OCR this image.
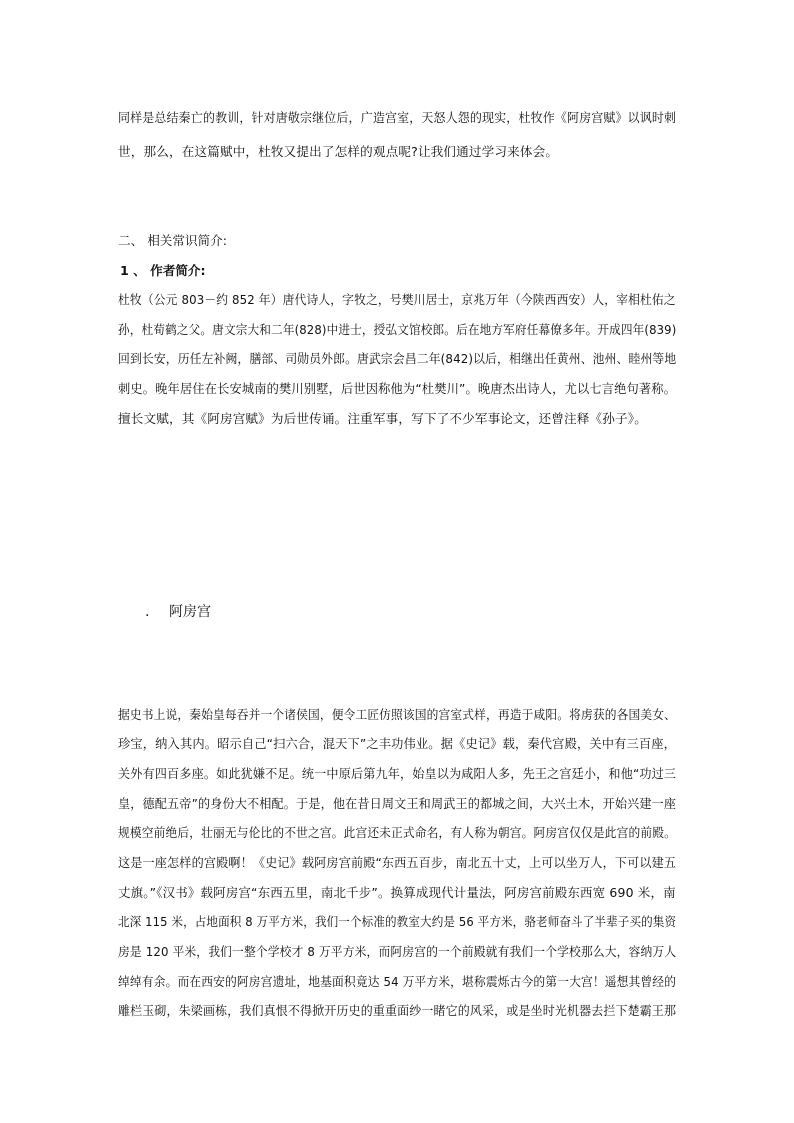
同样是总结秦亡的教训，针对唐敬宗继位后，广造宫室，天怒人怨的现实，杜牧作《阿房宫赋》以讽时刺
世，那么，在这篇赋中，杜牧又提出了怎样的观点呢?让我们通过学习来体会。
二、 相关常识简介:
1 、 作者简介:
杜牧（公元 803－约 852 年）唐代诗人，字牧之，号樊川居士，京兆万年（今陕西西安）人，宰相杜佑之
孙，杜荀鹤之父。唐文宗大和二年(828)中进士，授弘文馆校郎。后在地方军府任幕僚多年。开成四年(839)
回到长安，历任左补阙，膳部、司勋员外郎。唐武宗会昌二年(842)以后，相继出任黄州、池州、睦州等地
刺史。晚年居住在长安城南的樊川别墅，后世因称他为“杜樊川”。晚唐杰出诗人，尤以七言绝句著称。
擅长文赋，其《阿房宫赋》为后世传诵。注重军事，写下了不少军事论文，还曾注释《孙子》。
. 阿房宫
据史书上说，秦始皇每吞并一个诸侯国，便令工匠仿照该国的宫室式样，再造于咸阳。将虏获的各国美女、
珍宝，纳入其内。昭示自己“扫六合，混天下”之丰功伟业。据《史记》载，秦代宫殿，关中有三百座，
关外有四百多座。如此犹嫌不足。统一中原后第九年，始皇以为咸阳人多，先王之宫廷小，和他“功过三
皇，德配五帝”的身份大不相配。于是，他在昔日周文王和周武王的都城之间，大兴土木，开始兴建一座
规模空前绝后，壮丽无与伦比的不世之宫。此宫还未正式命名，有人称为朝宫。阿房宫仅仅是此宫的前殿。
这是一座怎样的宫殿啊！《史记》载阿房宫前殿“东西五百步，南北五十丈，上可以坐万人，下可以建五
丈旗。”《汉书》载阿房宫“东西五里，南北千步”。换算成现代计量法，阿房宫前殿东西宽 690 米，南
北深 115 米，占地面积 8 万平方米，我们一个标准的教室大约是 56 平方米，骆老师奋斗了半辈子买的集资
房是 120 平米，我们一整个学校才 8 万平方米，而阿房宫的一个前殿就有我们一个学校那么大，容纳万人
绰绰有余。而在西安的阿房宫遗址，地基面积竟达 54 万平方米，堪称震烁古今的第一大宫！遥想其曾经的
雕栏玉砌，朱梁画栋，我们真恨不得掀开历史的重重面纱一睹它的风采，或是坐时光机器去拦下楚霸王那
